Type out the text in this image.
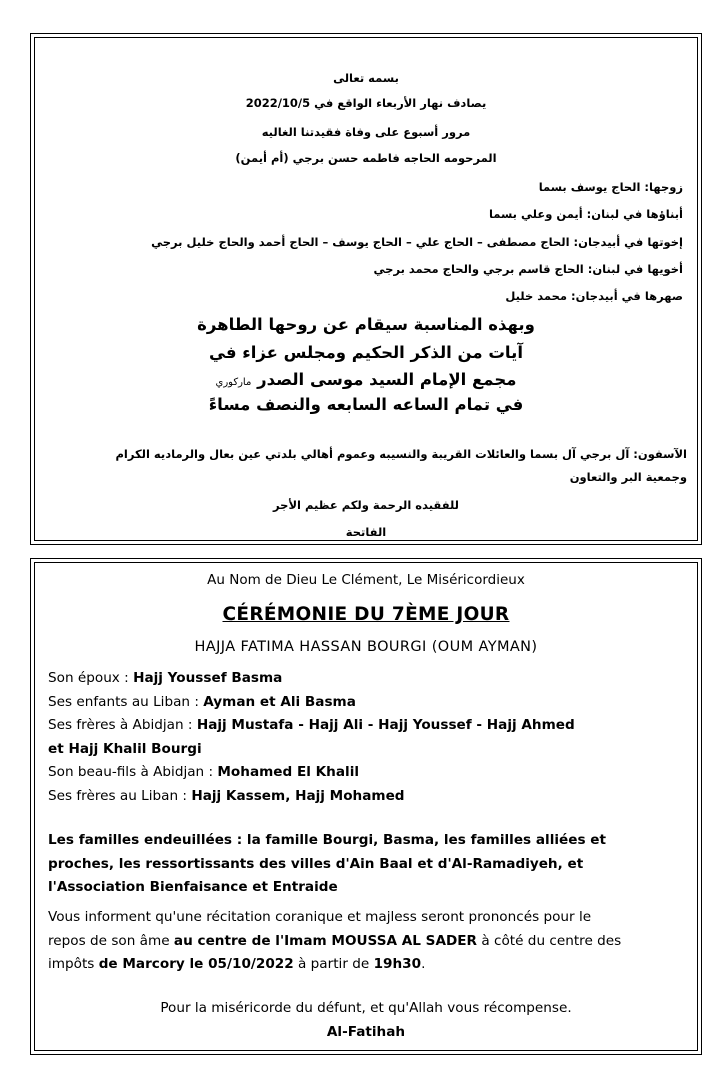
بسمه تعالى
يصادف نهار الأربعاء الواقع في 2022/10/5
مرور أسبوع على وفاة فقيدتنا الغاليه
المرحومه الحاجه فاطمه حسن برجي (أم أيمن)
زوجها: الحاج يوسف بسما
أبناؤها في لبنان: أيمن وعلي بسما
إخوتها في أبيدجان: الحاج مصطفى – الحاج علي – الحاج يوسف – الحاج أحمد والحاج خليل برجي
أخويها في لبنان: الحاج قاسم برجي والحاج محمد برجي
صهرها في أبيدجان: محمد خليل
وبهذه المناسبة سيقام عن روحها الطاهرة
آيات من الذكر الحكيم ومجلس عزاء في
مجمع الإمام السيد موسى الصدر ماركوري
في تمام الساعه السابعه والنصف مساءً
الآسفون: آل برجي آل بسما والعائلات القريبة والنسيبه وعموم أهالي بلدتي عين بعال والرماديه الكرام
وجمعية البر والتعاون
للفقيده الرحمة ولكم عظيم الأجر
الفاتحة
Au Nom de Dieu Le Clément, Le Miséricordieux
CÉRÉMONIE DU 7ÈME JOUR
HAJJA FATIMA HASSAN BOURGI (OUM AYMAN)
Son époux : Hajj Youssef Basma
Ses enfants au Liban : Ayman et Ali Basma
Ses frères à Abidjan : Hajj Mustafa - Hajj Ali - Hajj Youssef - Hajj Ahmed
et Hajj Khalil Bourgi
Son beau-fils à Abidjan : Mohamed El Khalil
Ses frères au Liban : Hajj Kassem, Hajj Mohamed
Les familles endeuillées : la famille Bourgi, Basma, les familles alliées et
proches, les ressortissants des villes d'Ain Baal et d'Al-Ramadiyeh, et
l'Association Bienfaisance et Entraide
Vous informent qu'une récitation coranique et majless seront prononcés pour le
repos de son âme au centre de l'Imam MOUSSA AL SADER à côté du centre des
impôts de Marcory le 05/10/2022 à partir de 19h30.
Pour la miséricorde du défunt, et qu'Allah vous récompense.
Al-Fatihah
